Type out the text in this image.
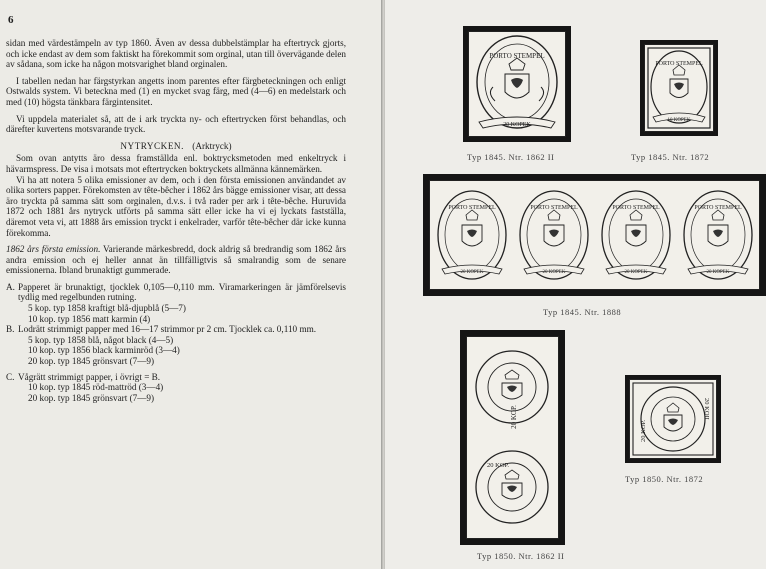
6

sidan med värdestämpeln av typ 1860. Även av dessa dubbelstämplar ha eftertryck gjorts, och icke endast av dem som faktiskt ha förekommit som orginal, utan till övervägande delen av sådana, som icke ha någon motsvarighet bland orginalen.

I tabellen nedan har färgstyrkan angetts inom parentes efter färgbeteckningen och enligt Ostwalds system. Vi beteckna med (1) en mycket svag färg, med (4—6) en medelstark och med (10) högsta tänkbara färgintensitet.

Vi uppdela materialet så, att de i ark tryckta ny- och eftertrycken först behandlas, och därefter kuvertens motsvarande tryck.

NYTRYCKEN. (Arktryck)

Som ovan antytts äro dessa framställda enl. boktrycksmetoden med enkeltryck i hävarmspress. De visa i motsats mot eftertrycken boktryckets allmänna kännemärken.

Vi ha att notera 5 olika emissioner av dem, och i den första emissionen användandet av olika sorters papper. Förekomsten av tête-bêcher i 1862 års bägge emissioner visar, att dessa äro tryckta på samma sätt som orginalen, d.v.s. i två rader per ark i tête-bêche. Huruvida 1872 och 1881 års nytryck utförts på samma sätt eller icke ha vi ej lyckats fastställa, däremot veta vi, att 1888 års emission tryckt i enkelrader, varför tête-bêcher där icke kunna förekomma.

1862 års första emission. Varierande märkesbredd, dock aldrig så bredrandig som 1862 års andra emission och ej heller annat än tillfälligtvis så smalrandig som de senare emissionerna. Ibland brunaktigt gummerade.

A. Papperet är brunaktigt, tjocklek 0,105—0,110 mm. Viramarkeringen är jämförelsevis tydlig med regelbunden rutning.
5 kop. typ 1858 kraftigt blå-djupblå (5—7)
10 kop. typ 1856 matt karmin (4)
B. Lodrätt strimmigt papper med 16—17 strimmor pr 2 cm. Tjocklek ca. 0,110 mm.
5 kop. typ 1858 blå, något black (4—5)
10 kop. typ 1856 black karminröd (3—4)
20 kop. typ 1845 grönsvart (7—9)
C. Vågrätt strimmigt papper, i övrigt = B.
10 kop. typ 1845 röd-mattröd (3—4)
20 kop. typ 1845 grönsvart (7—9)
PORTO STEMPEL
20 KOPEK
Typ 1845. Ntr. 1862 II
PORTO STEMPEL
10 KOPEK
Typ 1845. Ntr. 1872
PORTO STEMPEL
20 KOPEK
PORTO STEMPEL
20 KOPEK
PORTO STEMPEL
20 KOPEK
PORTO STEMPEL
20 KOPEK
Typ 1845. Ntr. 1888
20 KOP.
20 KOP.
Typ 1850. Ntr. 1862 II
20 KOP.
20 KOII
Typ 1850. Ntr. 1872
